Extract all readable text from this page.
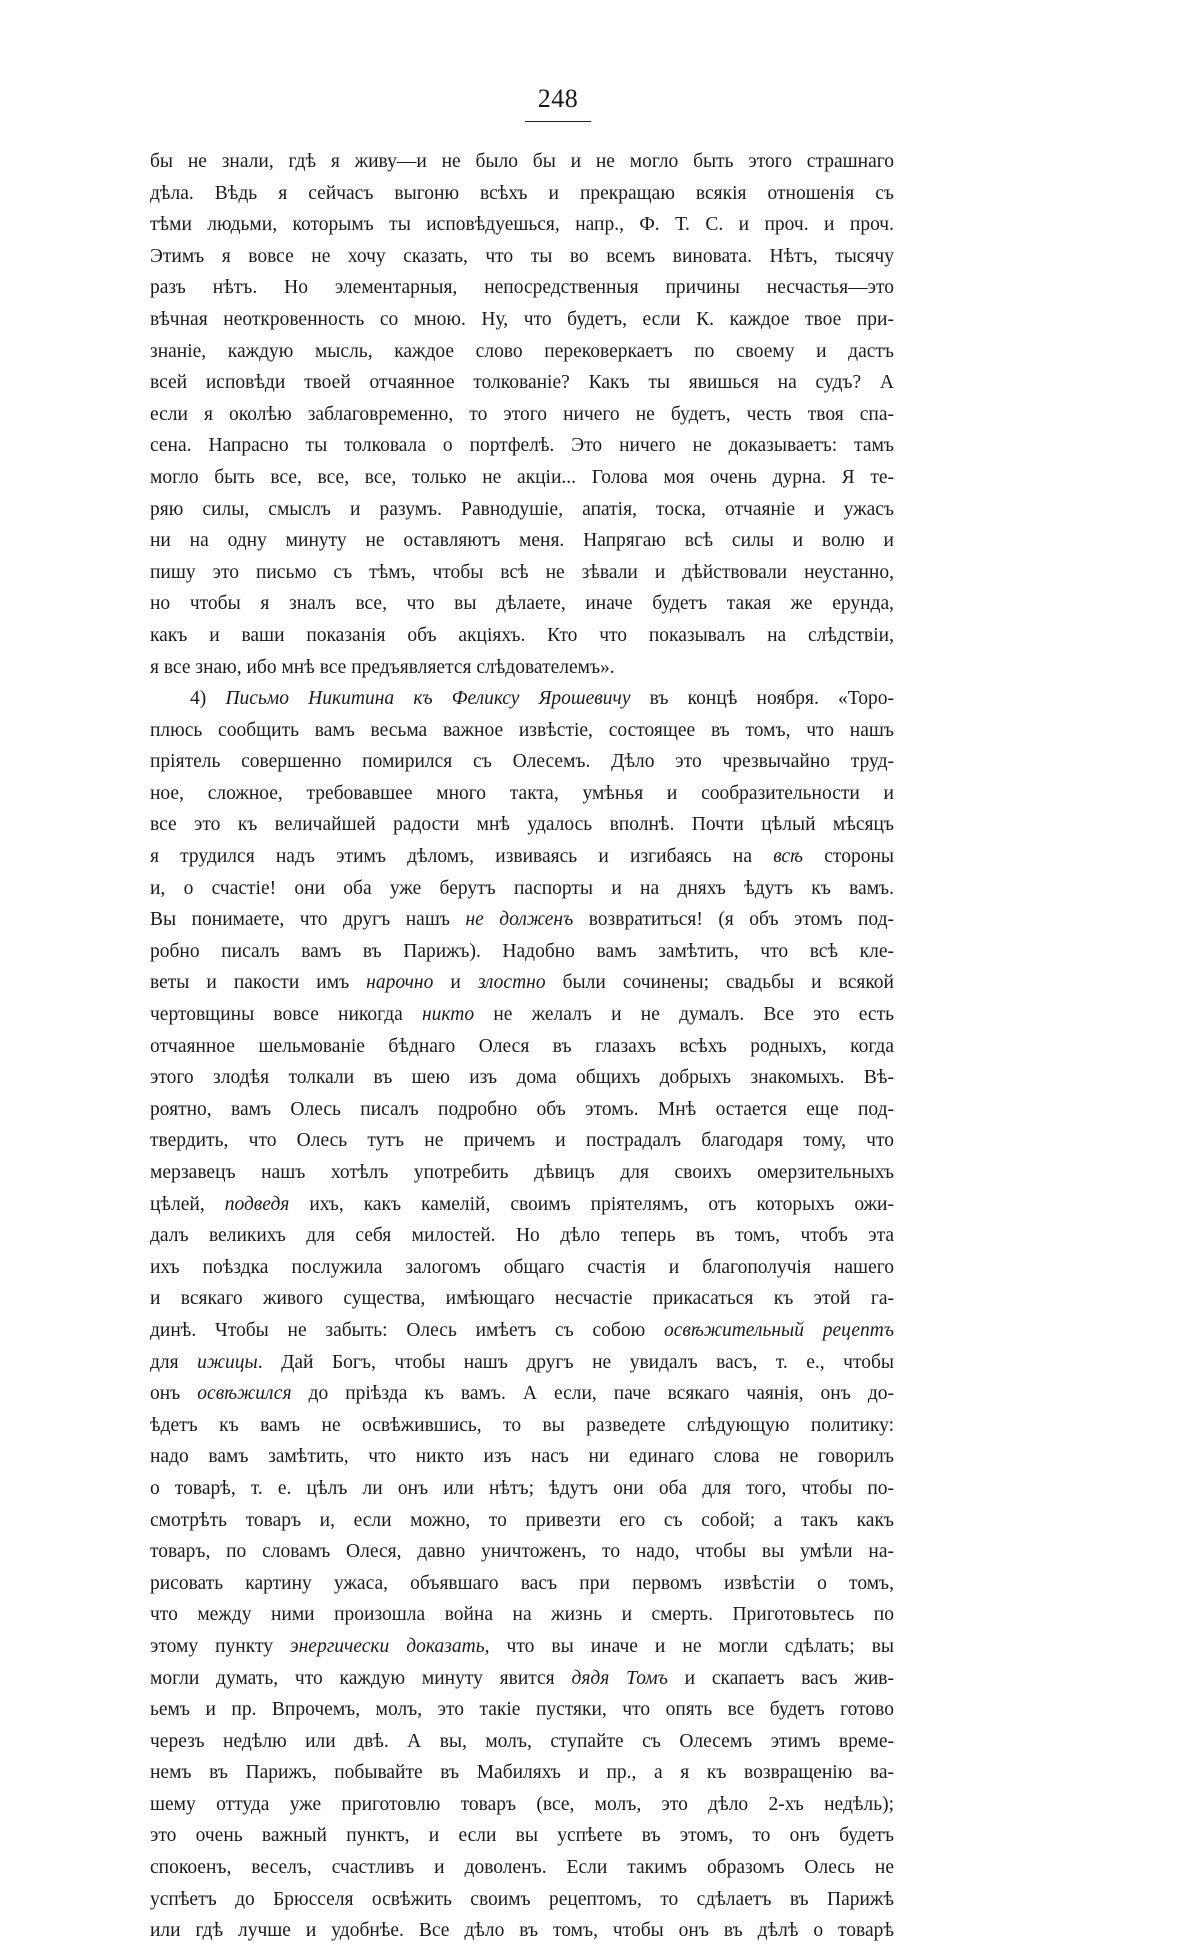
248
бы не знали, гдѣ я живу—и не было бы и не могло быть этого страшнаго
дѣла. Вѣдь я сейчасъ выгоню всѣхъ и прекращаю всякія отношенія съ
тѣми людьми, которымъ ты исповѣдуешься, напр., Ф. Т. С. и проч. и проч.
Этимъ я вовсе не хочу сказать, что ты во всемъ виновата. Нѣтъ, тысячу
разъ нѣтъ. Но элементарныя, непосредственныя причины несчастья—это
вѣчная неоткровенность со мною. Ну, что будетъ, если К. каждое твое при-
знаніе, каждую мысль, каждое слово перековеркаетъ по своему и дастъ
всей исповѣди твоей отчаянное толкованіе? Какъ ты явишься на судъ? А
если я околѣю заблаговременно, то этого ничего не будетъ, честь твоя спа-
сена. Напрасно ты толковала о портфелѣ. Это ничего не доказываетъ: тамъ
могло быть все, все, все, только не акціи... Голова моя очень дурна. Я те-
ряю силы, смыслъ и разумъ. Равнодушіе, апатія, тоска, отчаяніе и ужасъ
ни на одну минуту не оставляютъ меня. Напрягаю всѣ силы и волю и
пишу это письмо съ тѣмъ, чтобы всѣ не зѣвали и дѣйствовали неустанно,
но чтобы я зналъ все, что вы дѣлаете, иначе будетъ такая же ерунда,
какъ и ваши показанія объ акціяхъ. Кто что показывалъ на слѣдствіи,
я все знаю, ибо мнѣ все предъявляется слѣдователемъ».
4) Письмо Никитина къ Феликсу Ярошевичу въ концѣ ноября. «Торо-
плюсь сообщить вамъ весьма важное извѣстіе, состоящее въ томъ, что нашъ
пріятель совершенно помирился съ Олесемъ. Дѣло это чрезвычайно труд-
ное, сложное, требовавшее много такта, умѣнья и сообразительности и
все это къ величайшей радости мнѣ удалось вполнѣ. Почти цѣлый мѣсяцъ
я трудился надъ этимъ дѣломъ, извиваясь и изгибаясь на всѣ стороны
и, о счастіе! они оба уже берутъ паспорты и на дняхъ ѣдутъ къ вамъ.
Вы понимаете, что другъ нашъ не долженъ возвратиться! (я объ этомъ под-
робно писалъ вамъ въ Парижъ). Надобно вамъ замѣтить, что всѣ кле-
веты и пакости имъ нарочно и злостно были сочинены; свадьбы и всякой
чертовщины вовсе никогда никто не желалъ и не думалъ. Все это есть
отчаянное шельмованіе бѣднаго Олеся въ глазахъ всѣхъ родныхъ, когда
этого злодѣя толкали въ шею изъ дома общихъ добрыхъ знакомыхъ. Вѣ-
роятно, вамъ Олесь писалъ подробно объ этомъ. Мнѣ остается еще под-
твердить, что Олесь тутъ не причемъ и пострадалъ благодаря тому, что
мерзавецъ нашъ хотѣлъ употребить дѣвицъ для своихъ омерзительныхъ
цѣлей, подведя ихъ, какъ камелій, своимъ пріятелямъ, отъ которыхъ ожи-
далъ великихъ для себя милостей. Но дѣло теперь въ томъ, чтобъ эта
ихъ поѣздка послужила залогомъ общаго счастія и благополучія нашего
и всякаго живого существа, имѣющаго несчастіе прикасаться къ этой га-
динѣ. Чтобы не забыть: Олесь имѣетъ съ собою освѣжительный рецептъ
для ижицы. Дай Богъ, чтобы нашъ другъ не увидалъ васъ, т. е., чтобы
онъ освѣжился до пріѣзда къ вамъ. А если, паче всякаго чаянія, онъ до-
ѣдетъ къ вамъ не освѣжившись, то вы разведете слѣдующую политику:
надо вамъ замѣтить, что никто изъ насъ ни единаго слова не говорилъ
о товарѣ, т. е. цѣлъ ли онъ или нѣтъ; ѣдутъ они оба для того, чтобы по-
смотрѣть товаръ и, если можно, то привезти его съ собой; а такъ какъ
товаръ, по словамъ Олеся, давно уничтоженъ, то надо, чтобы вы умѣли на-
рисовать картину ужаса, объявшаго васъ при первомъ извѣстіи о томъ,
что между ними произошла война на жизнь и смерть. Приготовьтесь по
этому пункту энергически доказать, что вы иначе и не могли сдѣлать; вы
могли думать, что каждую минуту явится дядя Томъ и скапаетъ васъ жив-
ьемъ и пр. Впрочемъ, молъ, это такіе пустяки, что опять все будетъ готово
черезъ недѣлю или двѣ. А вы, молъ, ступайте съ Олесемъ этимъ време-
немъ въ Парижъ, побывайте въ Мабиляхъ и пр., а я къ возвращенію ва-
шему оттуда уже приготовлю товаръ (все, молъ, это дѣло 2-хъ недѣль);
это очень важный пунктъ, и если вы успѣете въ этомъ, то онъ будетъ
спокоенъ, веселъ, счастливъ и доволенъ. Если такимъ образомъ Олесь не
успѣетъ до Брюсселя освѣжить своимъ рецептомъ, то сдѣлаетъ въ Парижѣ
или гдѣ лучше и удобнѣе. Все дѣло въ томъ, чтобы онъ въ дѣлѣ о товарѣ
